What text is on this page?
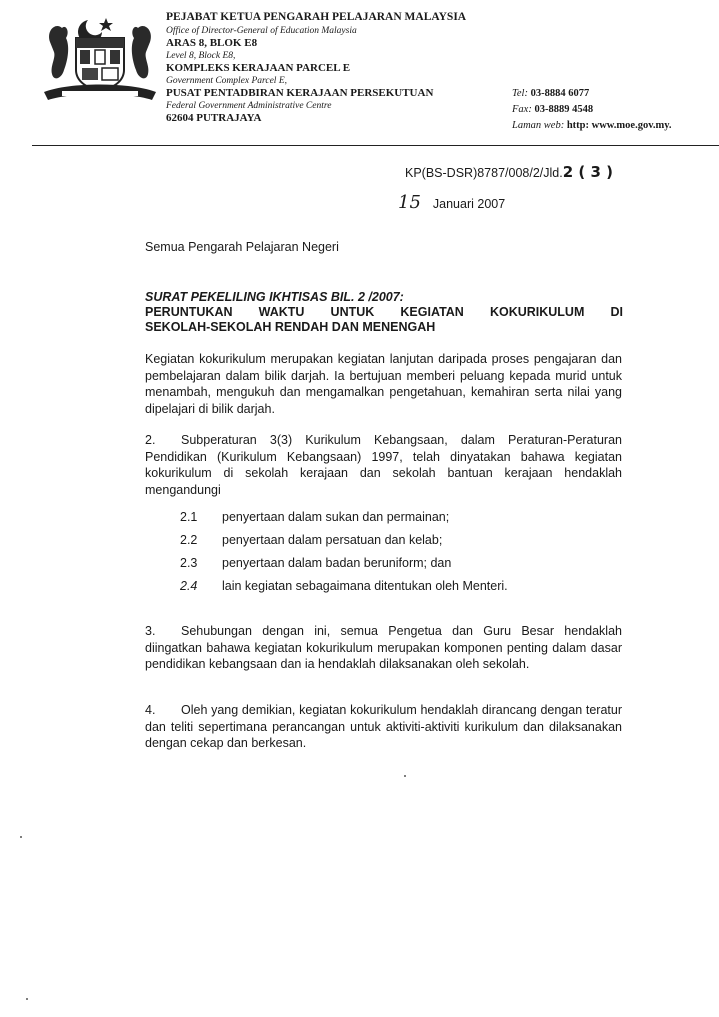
PEJABAT KETUA PENGARAH PELAJARAN MALAYSIA
Office of Director-General of Education Malaysia
ARAS 8, BLOK E8
Level 8, Block E8,
KOMPLEKS KERAJAAN PARCEL E
Government Complex Parcel E,
PUSAT PENTADBIRAN KERAJAAN PERSEKUTUAN
Federal Government Administrative Centre
62604 PUTRAJAYA
Tel: 03-8884 6077
Fax: 03-8889 4548
Laman web: http: www.moe.gov.my.
KP(BS-DSR)8787/008/2/Jld.2 ( 3 )
15 Januari 2007
Semua Pengarah Pelajaran Negeri
SURAT PEKELILING IKHTISAS BIL. 2 /2007:
PERUNTUKAN WAKTU UNTUK KEGIATAN KOKURIKULUM DI
SEKOLAH-SEKOLAH RENDAH DAN MENENGAH
Kegiatan kokurikulum merupakan kegiatan lanjutan daripada proses pengajaran dan pembelajaran dalam bilik darjah. Ia bertujuan memberi peluang kepada murid untuk menambah, mengukuh dan mengamalkan pengetahuan, kemahiran serta nilai yang dipelajari di bilik darjah.
2. Subperaturan 3(3) Kurikulum Kebangsaan, dalam Peraturan-Peraturan Pendidikan (Kurikulum Kebangsaan) 1997, telah dinyatakan bahawa kegiatan kokurikulum di sekolah kerajaan dan sekolah bantuan kerajaan hendaklah mengandungi
2.1 penyertaan dalam sukan dan permainan;
2.2 penyertaan dalam persatuan dan kelab;
2.3 penyertaan dalam badan beruniform; dan
2.4 lain kegiatan sebagaimana ditentukan oleh Menteri.
3. Sehubungan dengan ini, semua Pengetua dan Guru Besar hendaklah diingatkan bahawa kegiatan kokurikulum merupakan komponen penting dalam dasar pendidikan kebangsaan dan ia hendaklah dilaksanakan oleh sekolah.
4. Oleh yang demikian, kegiatan kokurikulum hendaklah dirancang dengan teratur dan teliti sepertimana perancangan untuk aktiviti-aktiviti kurikulum dan dilaksanakan dengan cekap dan berkesan.
